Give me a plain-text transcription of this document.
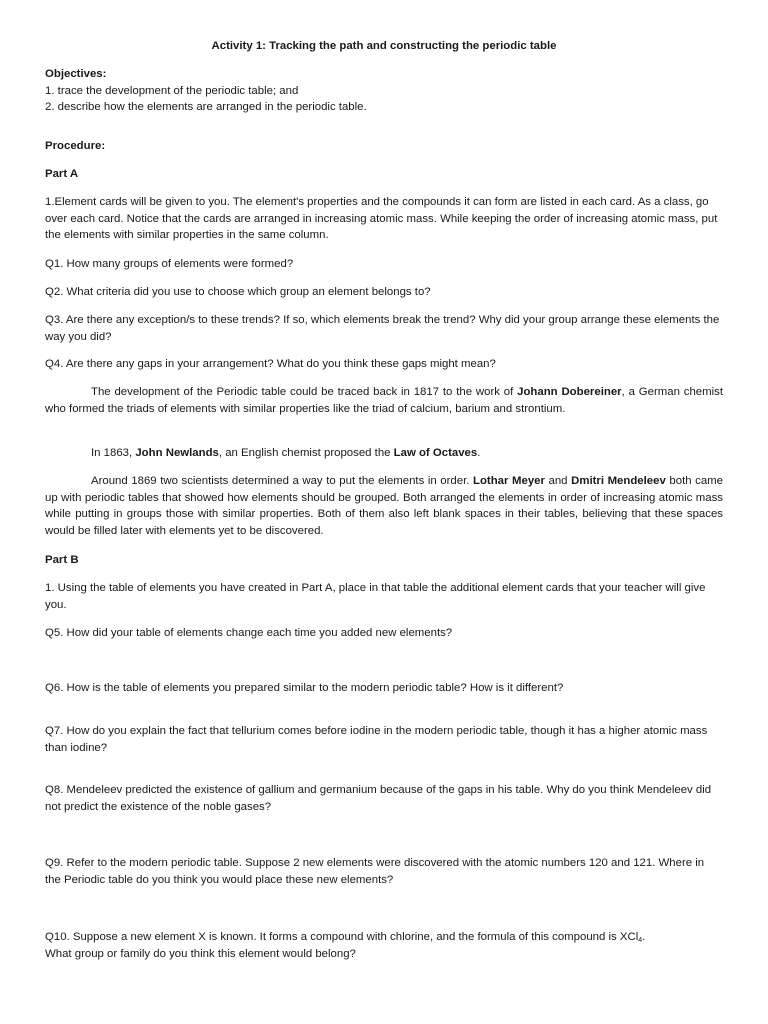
Activity 1: Tracking the path and constructing the periodic table

Objectives:
1. trace the development of the periodic table; and
2. describe how the elements are arranged in the periodic table.

Procedure:

Part A

1.Element cards will be given to you. The element's properties and the compounds it can form are listed in each card. As a class, go over each card. Notice that the cards are arranged in increasing atomic mass. While keeping the order of increasing atomic mass, put the elements with similar properties in the same column.

Q1. How many groups of elements were formed?

Q2. What criteria did you use to choose which group an element belongs to?

Q3. Are there any exception/s to these trends? If so, which elements break the trend? Why did your group arrange these elements the way you did?

Q4. Are there any gaps in your arrangement? What do you think these gaps might mean?

The development of the Periodic table could be traced back in 1817 to the work of Johann Dobereiner, a German chemist who formed the triads of elements with similar properties like the triad of calcium, barium and strontium.

In 1863, John Newlands, an English chemist proposed the Law of Octaves.

Around 1869 two scientists determined a way to put the elements in order. Lothar Meyer and Dmitri Mendeleev both came up with periodic tables that showed how elements should be grouped. Both arranged the elements in order of increasing atomic mass while putting in groups those with similar properties. Both of them also left blank spaces in their tables, believing that these spaces would be filled later with elements yet to be discovered.

Part B

1. Using the table of elements you have created in Part A, place in that table the additional element cards that your teacher will give you.

Q5. How did your table of elements change each time you added new elements?

Q6. How is the table of elements you prepared similar to the modern periodic table? How is it different?

Q7. How do you explain the fact that tellurium comes before iodine in the modern periodic table, though it has a higher atomic mass than iodine?

Q8. Mendeleev predicted the existence of gallium and germanium because of the gaps in his table. Why do you think Mendeleev did not predict the existence of the noble gases?

Q9. Refer to the modern periodic table. Suppose 2 new elements were discovered with the atomic numbers 120 and 121. Where in the Periodic table do you think you would place these new elements?

Q10. Suppose a new element X is known. It forms a compound with chlorine, and the formula of this compound is XCl$_4$.
What group or family do you think this element would belong?
